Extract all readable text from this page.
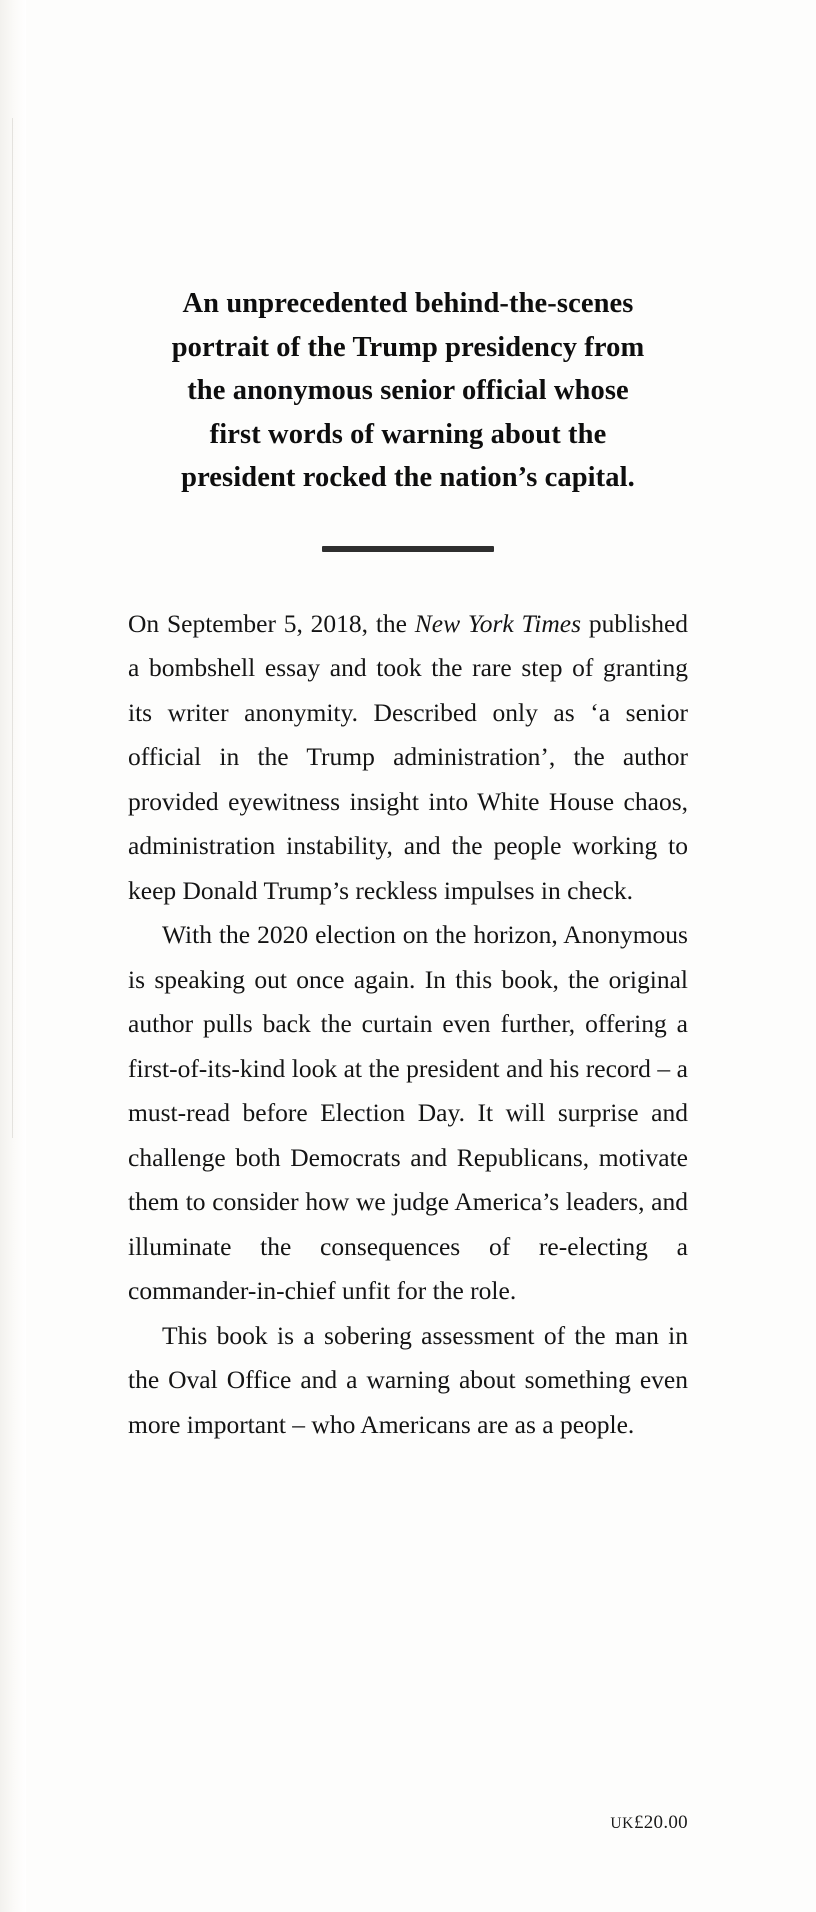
An unprecedented behind-the-scenes
portrait of the Trump presidency from
the anonymous senior official whose
first words of warning about the
president rocked the nation’s capital.

On September 5, 2018, the New York Times published a bombshell essay and took the rare step of granting its writer anonymity. Described only as ‘a senior official in the Trump administration’, the author provided eyewitness insight into White House chaos, administration instability, and the people working to keep Donald Trump’s reckless impulses in check.

With the 2020 election on the horizon, Anonymous is speaking out once again. In this book, the original author pulls back the curtain even further, offering a first-of-its-kind look at the president and his record – a must-read before Election Day. It will surprise and challenge both Democrats and Republicans, motivate them to consider how we judge America’s leaders, and illuminate the consequences of re-electing a commander-in-chief unfit for the role.

This book is a sobering assessment of the man in the Oval Office and a warning about something even more important – who Americans are as a people.

UK£20.00
